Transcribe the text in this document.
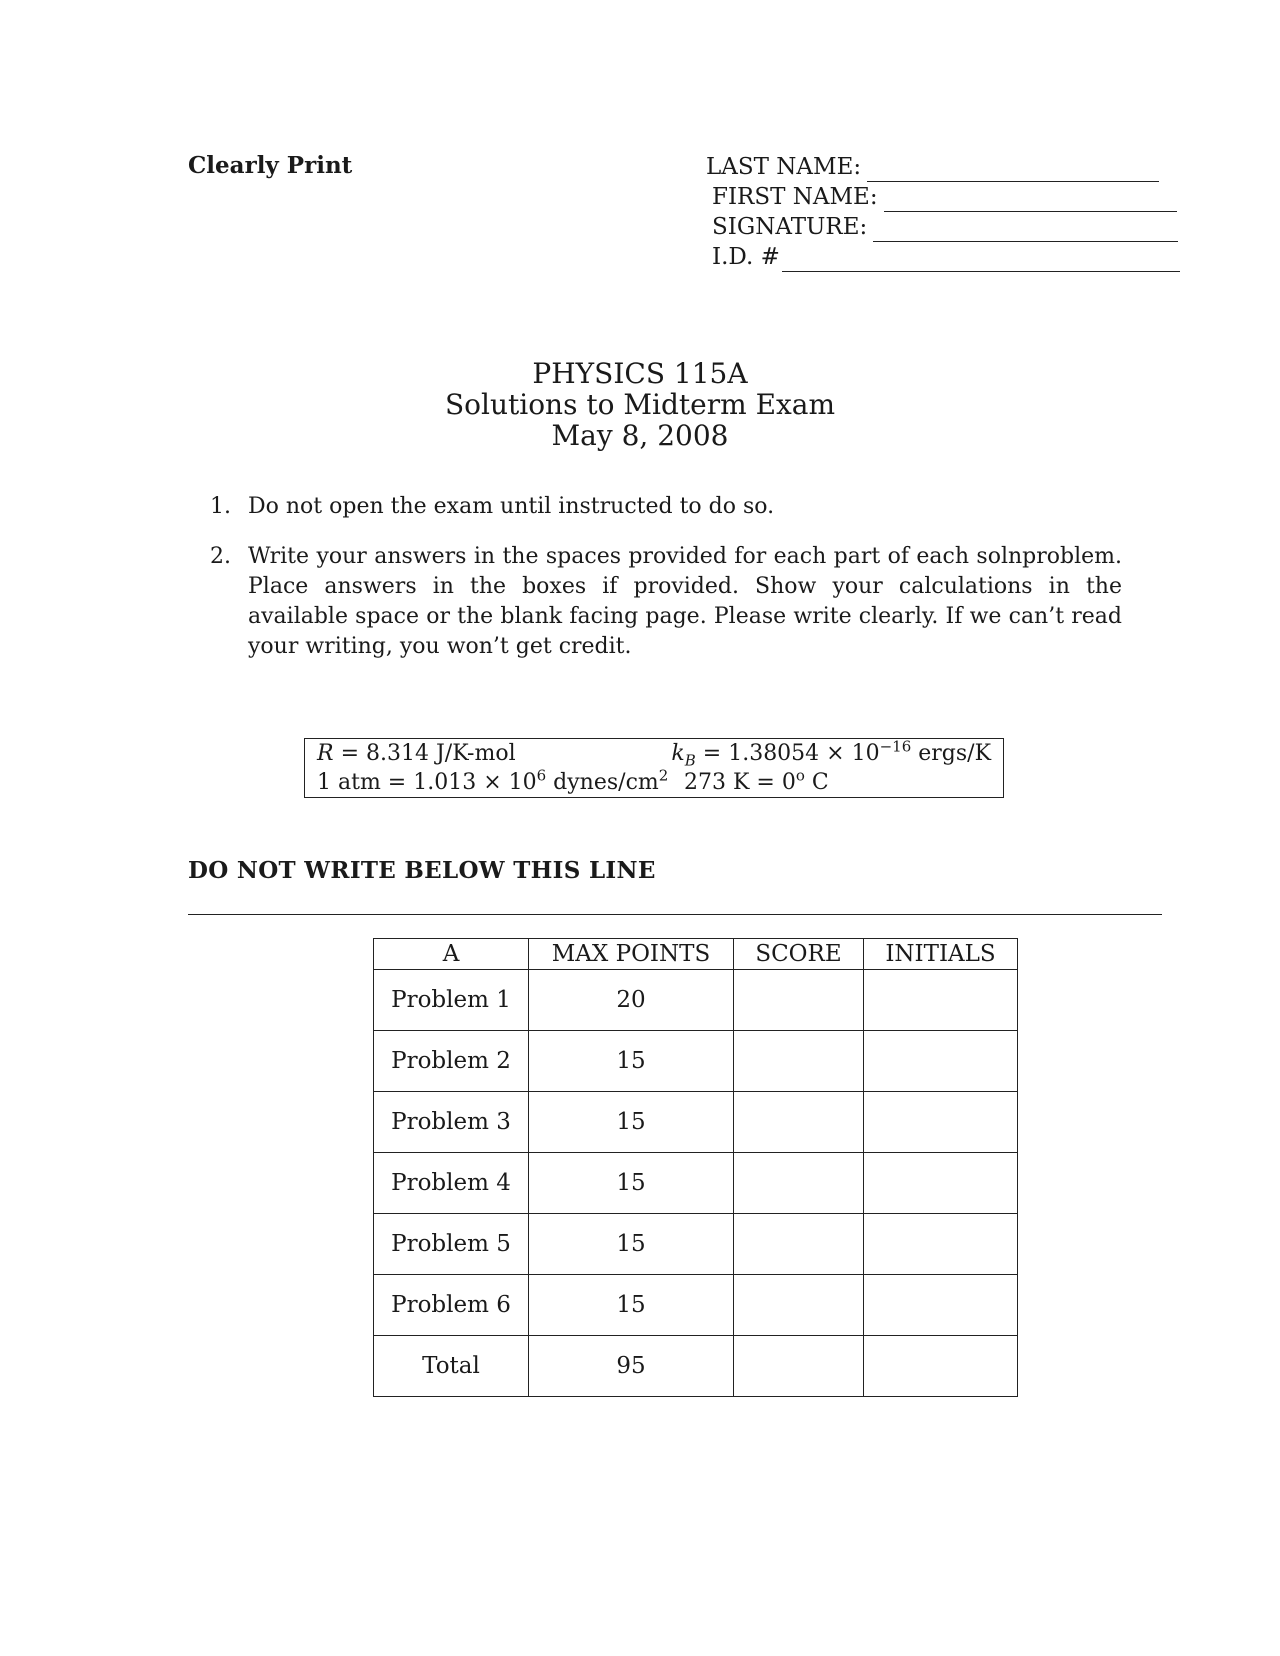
Clearly Print	LAST NAME:
FIRST NAME:
SIGNATURE:
I.D. #
PHYSICS 115A
Solutions to Midterm Exam
May 8, 2008
1. Do not open the exam until instructed to do so.
2. Write your answers in the spaces provided for each part of each solnproblem. Place answers in the boxes if provided. Show your calculations in the available space or the blank facing page. Please write clearly. If we can’t read your writing, you won’t get credit.
R = 8.314 J/K-mol	$k_B = 1.38054 \times 10^{-16}$ ergs/K
1 atm = $1.013 \times 10^6$ dynes/$cm^2$ 273 $K = 0^o$ C
DO NOT WRITE BELOW THIS LINE
A	MAX POINTS	SCORE	INITIALS
Problem 1	20		
Problem 2	15		
Problem 3	15		
Problem 4	15		
Problem 5	15		
Problem 6	15		
Total	95		
